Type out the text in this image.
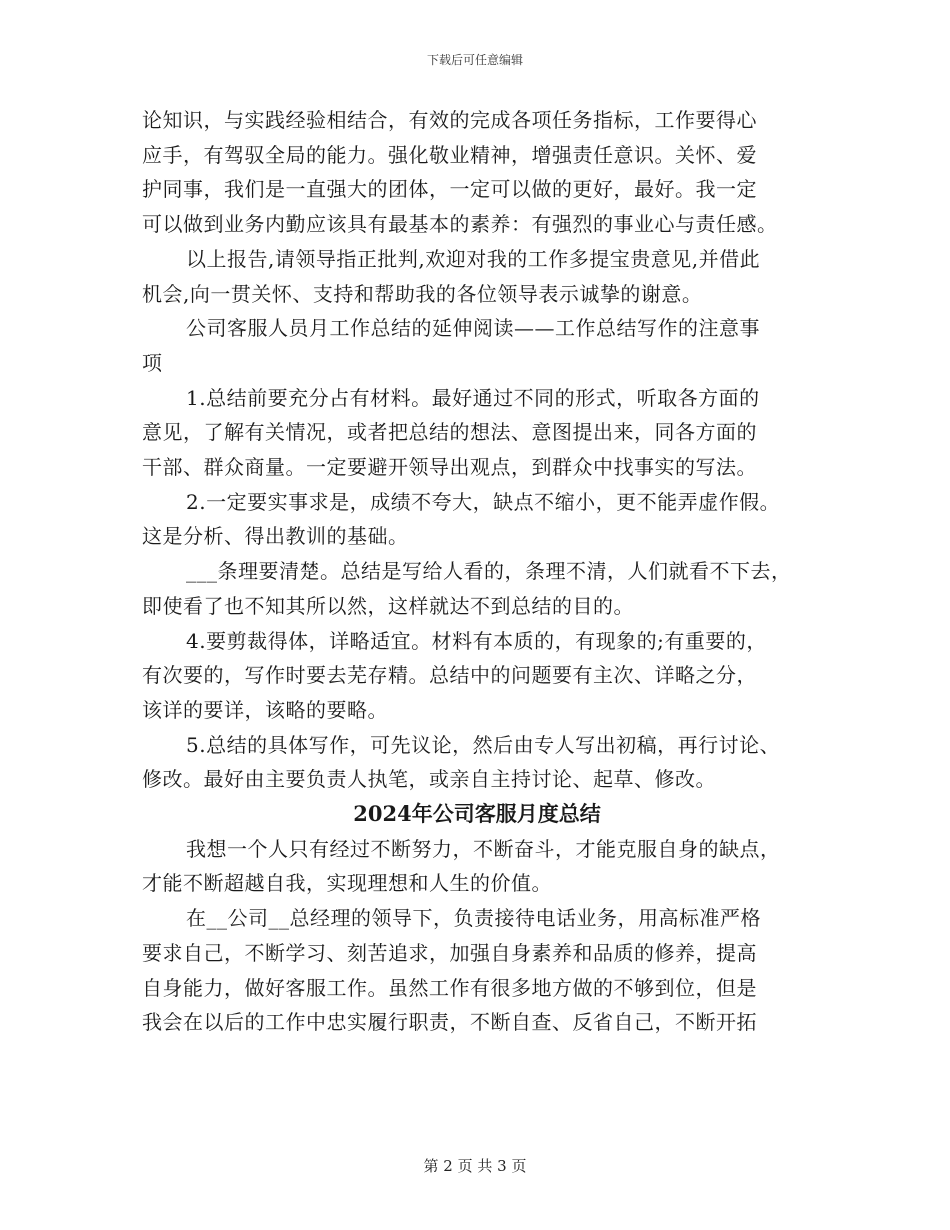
下载后可任意编辑
论知识，与实践经验相结合，有效的完成各项任务指标，工作要得心
应手，有驾驭全局的能力。强化敬业精神，增强责任意识。关怀、爱
护同事，我们是一直强大的团体，一定可以做的更好，最好。我一定
可以做到业务内勤应该具有最基本的素养：有强烈的事业心与责任感。
以上报告,请领导指正批判,欢迎对我的工作多提宝贵意见,并借此
机会,向一贯关怀、支持和帮助我的各位领导表示诚挚的谢意。
公司客服人员月工作总结的延伸阅读——工作总结写作的注意事
项
1.总结前要充分占有材料。最好通过不同的形式，听取各方面的
意见，了解有关情况，或者把总结的想法、意图提出来，同各方面的
干部、群众商量。一定要避开领导出观点，到群众中找事实的写法。
2.一定要实事求是，成绩不夸大，缺点不缩小，更不能弄虚作假。
这是分析、得出教训的基础。
___条理要清楚。总结是写给人看的，条理不清，人们就看不下去，
即使看了也不知其所以然，这样就达不到总结的目的。
4.要剪裁得体，详略适宜。材料有本质的，有现象的;有重要的，
有次要的，写作时要去芜存精。总结中的问题要有主次、详略之分，
该详的要详，该略的要略。
5.总结的具体写作，可先议论，然后由专人写出初稿，再行讨论、
修改。最好由主要负责人执笔，或亲自主持讨论、起草、修改。
2024年公司客服月度总结
我想一个人只有经过不断努力，不断奋斗，才能克服自身的缺点，
才能不断超越自我，实现理想和人生的价值。
在__公司__总经理的领导下，负责接待电话业务，用高标准严格
要求自己，不断学习、刻苦追求，加强自身素养和品质的修养，提高
自身能力，做好客服工作。虽然工作有很多地方做的不够到位，但是
我会在以后的工作中忠实履行职责，不断自查、反省自己，不断开拓
第 2 页 共 3 页
